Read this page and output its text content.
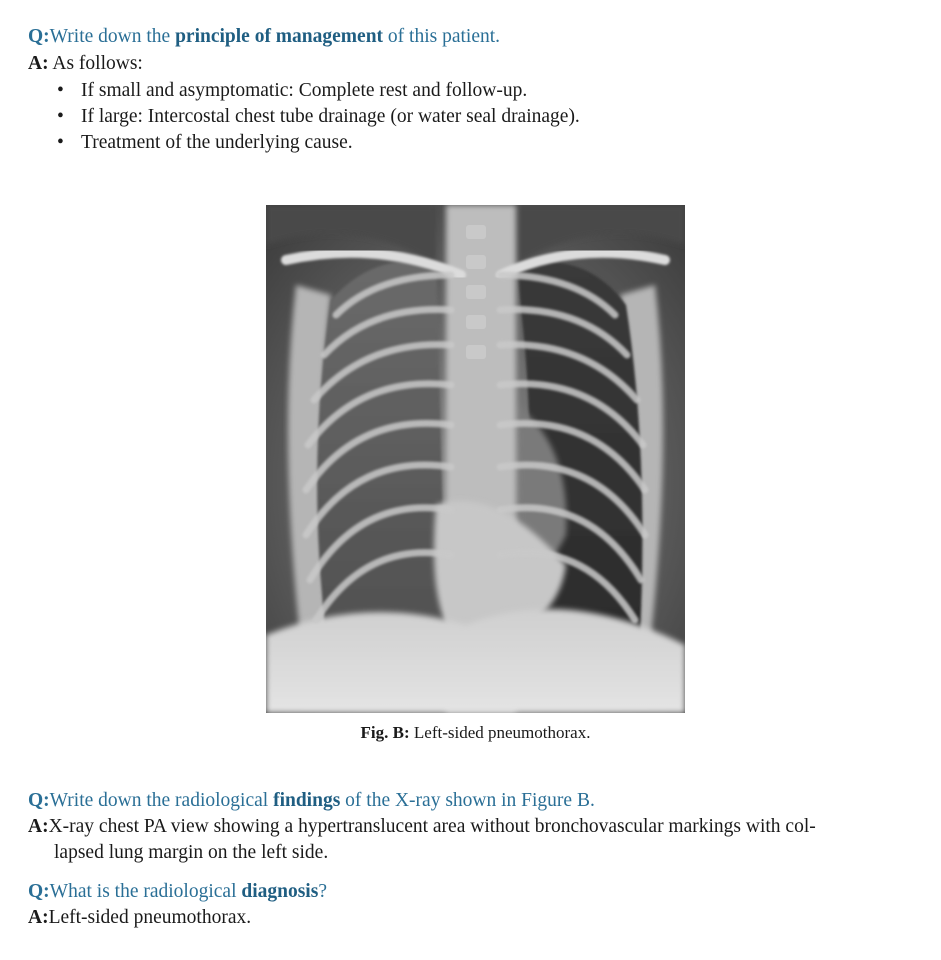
Q:Write down the principle of management of this patient.
A: As follows:
• If small and asymptomatic: Complete rest and follow-up.
• If large: Intercostal chest tube drainage (or water seal drainage).
• Treatment of the underlying cause.
Fig. B: Left-sided pneumothorax.
Q:Write down the radiological findings of the X-ray shown in Figure B.
A:X-ray chest PA view showing a hypertranslucent area without bronchovascular markings with col-
lapsed lung margin on the left side.
Q:What is the radiological diagnosis?
A:Left-sided pneumothorax.
